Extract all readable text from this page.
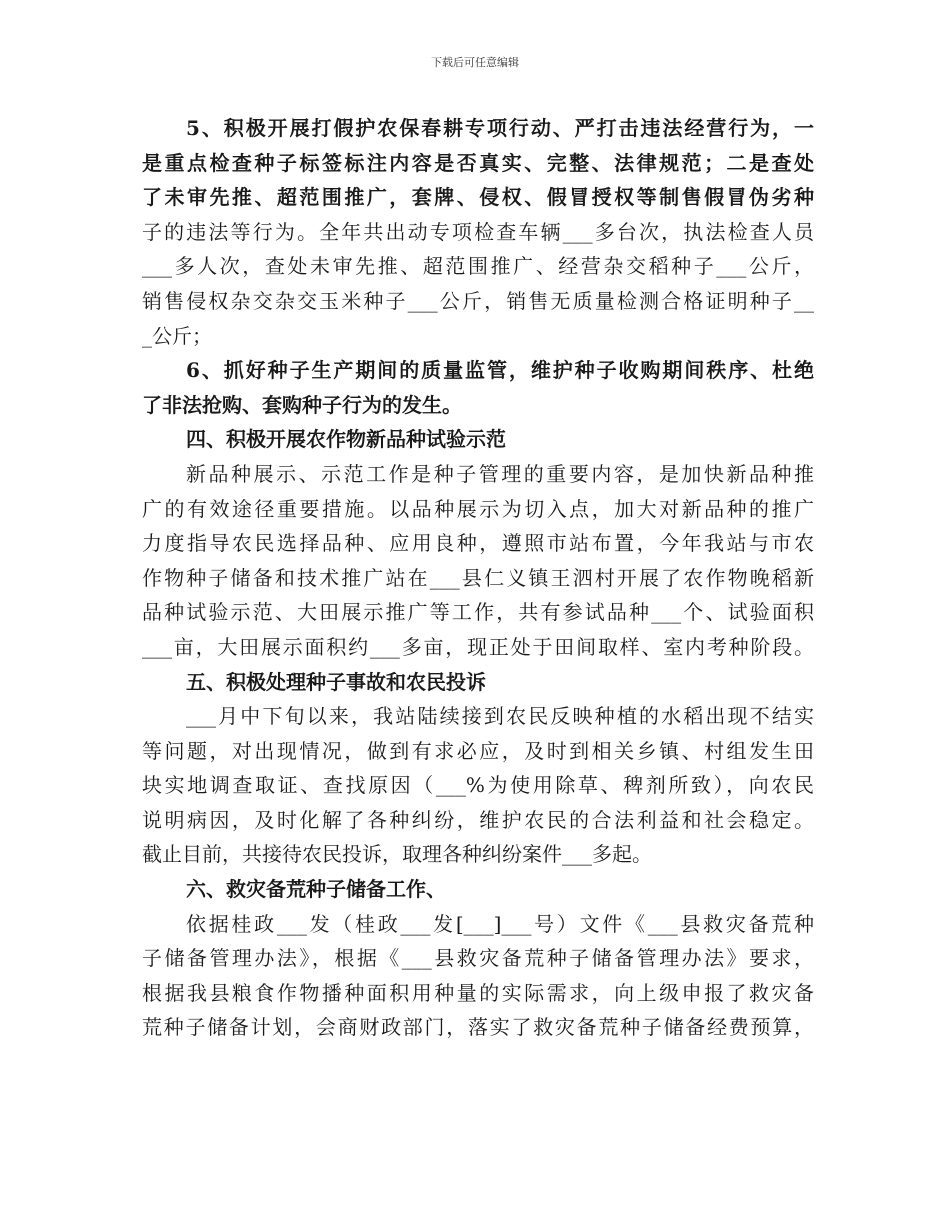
下载后可任意编辑
5、积极开展打假护农保春耕专项行动、严打击违法经营行为，一
是重点检查种子标签标注内容是否真实、完整、法律规范；二是查处
了未审先推、超范围推广，套牌、侵权、假冒授权等制售假冒伪劣种
子的违法等行为。全年共出动专项检查车辆___多台次，执法检查人员
___多人次，查处未审先推、超范围推广、经营杂交稻种子___公斤，
销售侵权杂交杂交玉米种子___公斤，销售无质量检测合格证明种子__
_公斤；
6、抓好种子生产期间的质量监管，维护种子收购期间秩序、杜绝
了非法抢购、套购种子行为的发生。
四、积极开展农作物新品种试验示范
新品种展示、示范工作是种子管理的重要内容，是加快新品种推
广的有效途径重要措施。以品种展示为切入点，加大对新品种的推广
力度指导农民选择品种、应用良种，遵照市站布置，今年我站与市农
作物种子储备和技术推广站在___县仁义镇王泗村开展了农作物晚稻新
品种试验示范、大田展示推广等工作，共有参试品种___个、试验面积
___亩，大田展示面积约___多亩，现正处于田间取样、室内考种阶段。
五、积极处理种子事故和农民投诉
___月中下旬以来，我站陆续接到农民反映种植的水稻出现不结实
等问题，对出现情况，做到有求必应，及时到相关乡镇、村组发生田
块实地调查取证、查找原因（___%为使用除草、稗剂所致），向农民
说明病因，及时化解了各种纠纷，维护农民的合法利益和社会稳定。
截止目前，共接待农民投诉，取理各种纠纷案件___多起。
六、救灾备荒种子储备工作、
依据桂政___发（桂政___发[___]___号）文件《___县救灾备荒种
子储备管理办法》，根据《___县救灾备荒种子储备管理办法》要求，
根据我县粮食作物播种面积用种量的实际需求，向上级申报了救灾备
荒种子储备计划，会商财政部门，落实了救灾备荒种子储备经费预算，
